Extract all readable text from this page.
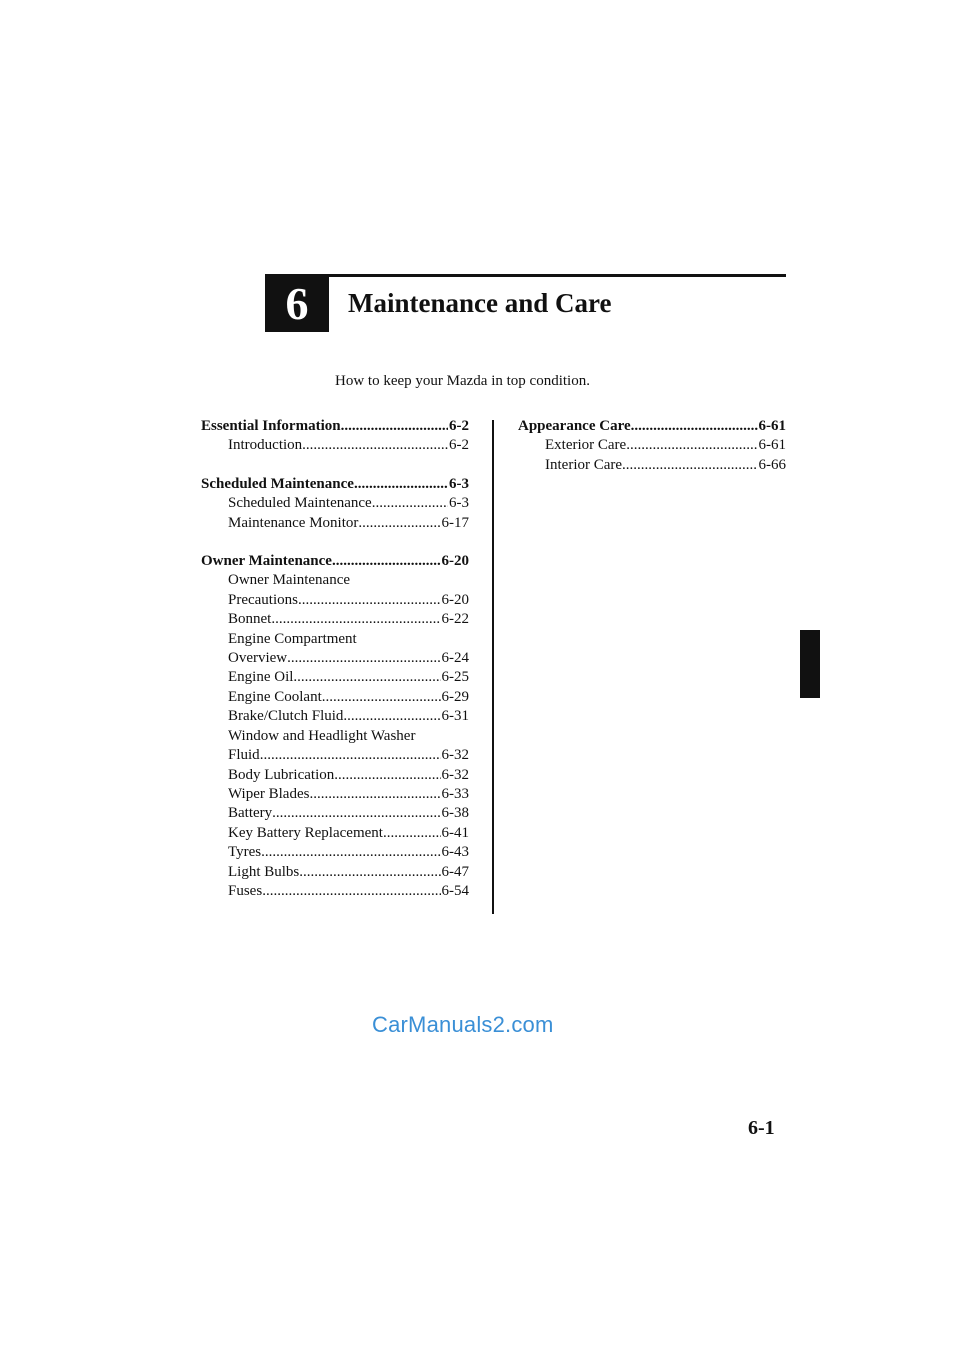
6	Maintenance and Care
How to keep your Mazda in top condition.
Essential Information .....	6-2
Introduction .....	6-2
Scheduled Maintenance .....	6-3
Scheduled Maintenance .....	6-3
Maintenance Monitor .....	6-17
Owner Maintenance .....	6-20
Owner Maintenance
Precautions .....	6-20
Bonnet .....	6-22
Engine Compartment
Overview .....	6-24
Engine Oil .....	6-25
Engine Coolant .....	6-29
Brake/Clutch Fluid .....	6-31
Window and Headlight Washer
Fluid .....	6-32
Body Lubrication .....	6-32
Wiper Blades .....	6-33
Battery .....	6-38
Key Battery Replacement .....	6-41
Tyres .....	6-43
Light Bulbs .....	6-47
Fuses .....	6-54
Appearance Care .....	6-61
Exterior Care .....	6-61
Interior Care .....	6-66
CarManuals2.com
6-1
